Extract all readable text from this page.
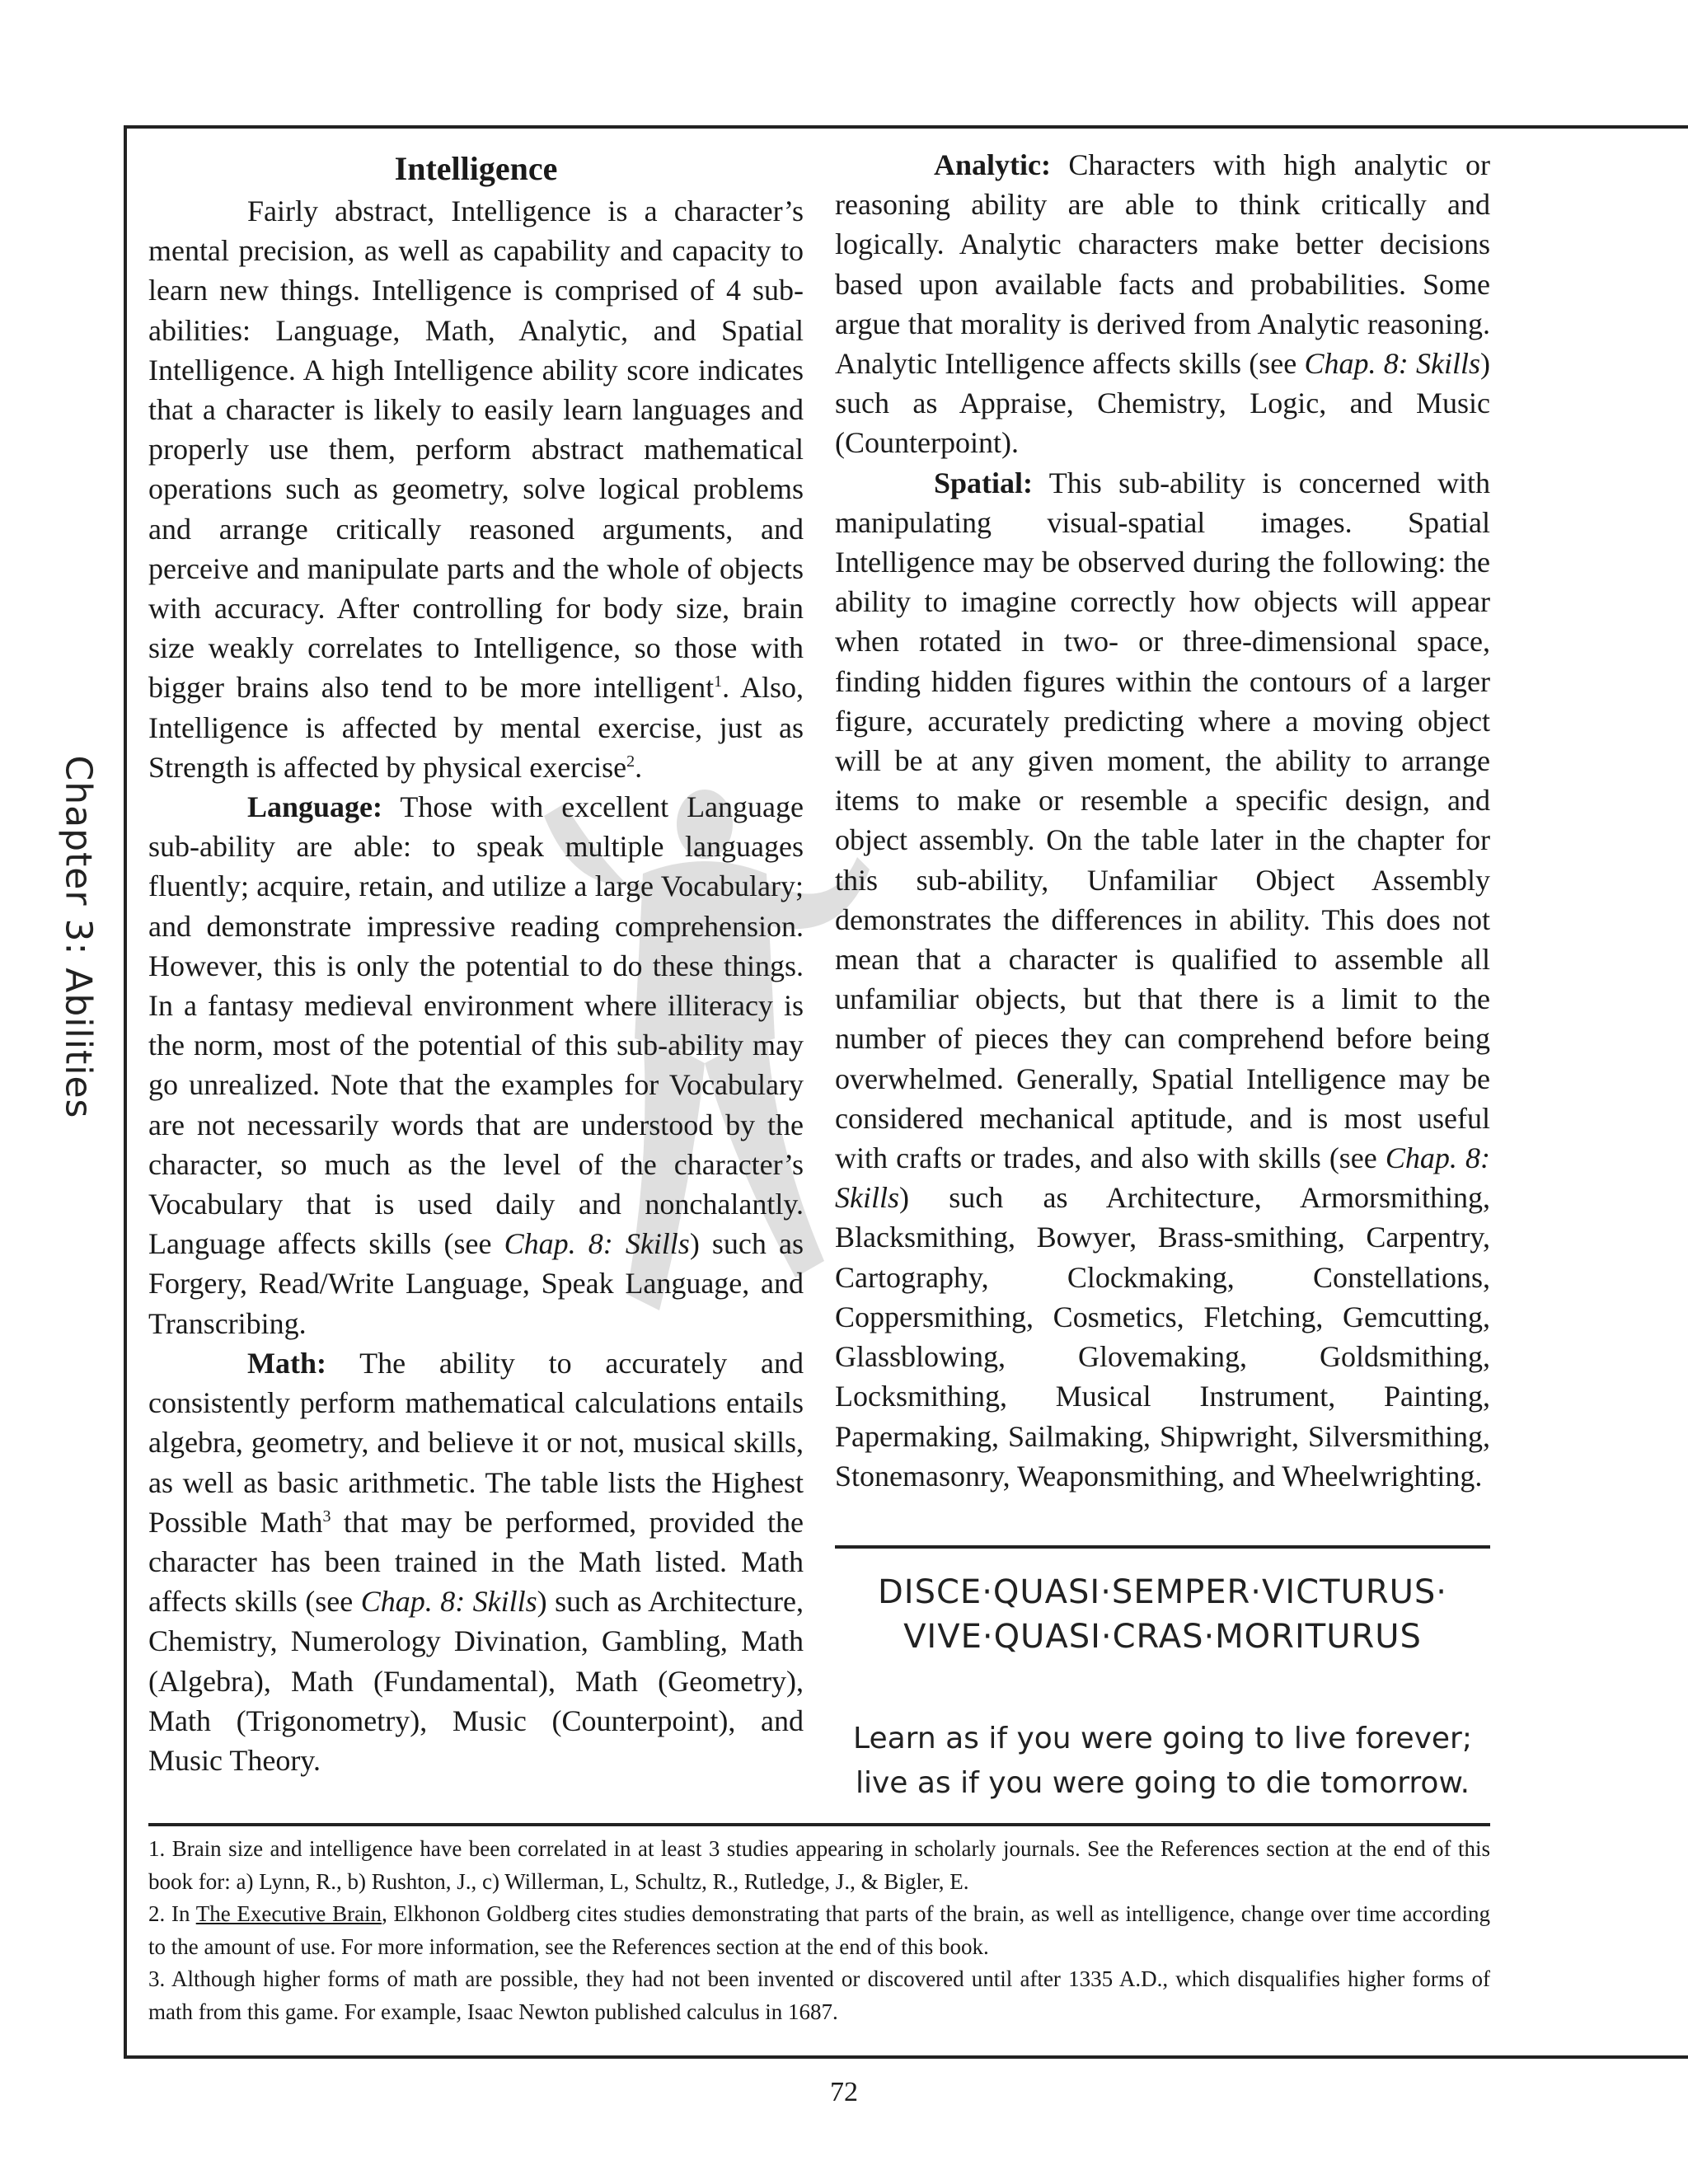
Chapter 3: Abilities
Intelligence

Fairly abstract, Intelligence is a character’s mental precision, as well as capability and capacity to learn new things. Intelligence is comprised of 4 sub-abilities: Language, Math, Analytic, and Spatial Intelligence. A high Intelligence ability score indicates that a character is likely to easily learn languages and properly use them, perform abstract mathematical operations such as geometry, solve logical problems and arrange critically reasoned arguments, and perceive and manipulate parts and the whole of objects with accuracy. After controlling for body size, brain size weakly correlates to Intelligence, so those with bigger brains also tend to be more intelligent$^1$. Also, Intelligence is affected by mental exercise, just as Strength is affected by physical exercise$^2$.

Language: Those with excellent Language sub-ability are able: to speak multiple languages fluently; acquire, retain, and utilize a large Vocabulary; and demonstrate impressive reading comprehension. However, this is only the potential to do these things. In a fantasy medieval environment where illiteracy is the norm, most of the potential of this sub-ability may go unrealized. Note that the examples for Vocabulary are not necessarily words that are understood by the character, so much as the level of the character’s Vocabulary that is used daily and nonchalantly. Language affects skills (see Chap. 8: Skills) such as Forgery, Read/Write Language, Speak Language, and Transcribing.

Math: The ability to accurately and consistently perform mathematical calculations entails algebra, geometry, and believe it or not, musical skills, as well as basic arithmetic. The table lists the Highest Possible Math$^3$ that may be performed, provided the character has been trained in the Math listed. Math affects skills (see Chap. 8: Skills) such as Architecture, Chemistry, Numerology Divination, Gambling, Math (Algebra), Math (Fundamental), Math (Geometry), Math (Trigonometry), Music (Counterpoint), and Music Theory.

Analytic: Characters with high analytic or reasoning ability are able to think critically and logically. Analytic characters make better decisions based upon available facts and probabilities. Some argue that morality is derived from Analytic reasoning. Analytic Intelligence affects skills (see Chap. 8: Skills) such as Appraise, Chemistry, Logic, and Music (Counterpoint).

Spatial: This sub-ability is concerned with manipulating visual-spatial images. Spatial Intelligence may be observed during the following: the ability to imagine correctly how objects will appear when rotated in two- or three-dimensional space, finding hidden figures within the contours of a larger figure, accurately predicting where a moving object will be at any given moment, the ability to arrange items to make or resemble a specific design, and object assembly. On the table later in the chapter for this sub-ability, Unfamiliar Object Assembly demonstrates the differences in ability. This does not mean that a character is qualified to assemble all unfamiliar objects, but that there is a limit to the number of pieces they can comprehend before being overwhelmed. Generally, Spatial Intelligence may be considered mechanical aptitude, and is most useful with crafts or trades, and also with skills (see Chap. 8: Skills) such as Architecture, Armorsmithing, Blacksmithing, Bowyer, Brass-smithing, Carpentry, Cartography, Clockmaking, Constellations, Coppersmithing, Cosmetics, Fletching, Gemcutting, Glassblowing, Glovemaking, Goldsmithing, Locksmithing, Musical Instrument, Painting, Papermaking, Sailmaking, Shipwright, Silversmithing, Stonemasonry, Weaponsmithing, and Wheelwrighting.

DISCE·QUASI·SEMPER·VICTURUS·
VIVE·QUASI·CRAS·MORITURUS
Learn as if you were going to live forever;
live as if you were going to die tomorrow.

1. Brain size and intelligence have been correlated in at least 3 studies appearing in scholarly journals. See the References section at the end of this book for: a) Lynn, R., b) Rushton, J., c) Willerman, L, Schultz, R., Rutledge, J., & Bigler, E.

2. In The Executive Brain, Elkhonon Goldberg cites studies demonstrating that parts of the brain, as well as intelligence, change over time according to the amount of use. For more information, see the References section at the end of this book.

3. Although higher forms of math are possible, they had not been invented or discovered until after 1335 A.D., which disqualifies higher forms of math from this game. For example, Isaac Newton published calculus in 1687.

72
